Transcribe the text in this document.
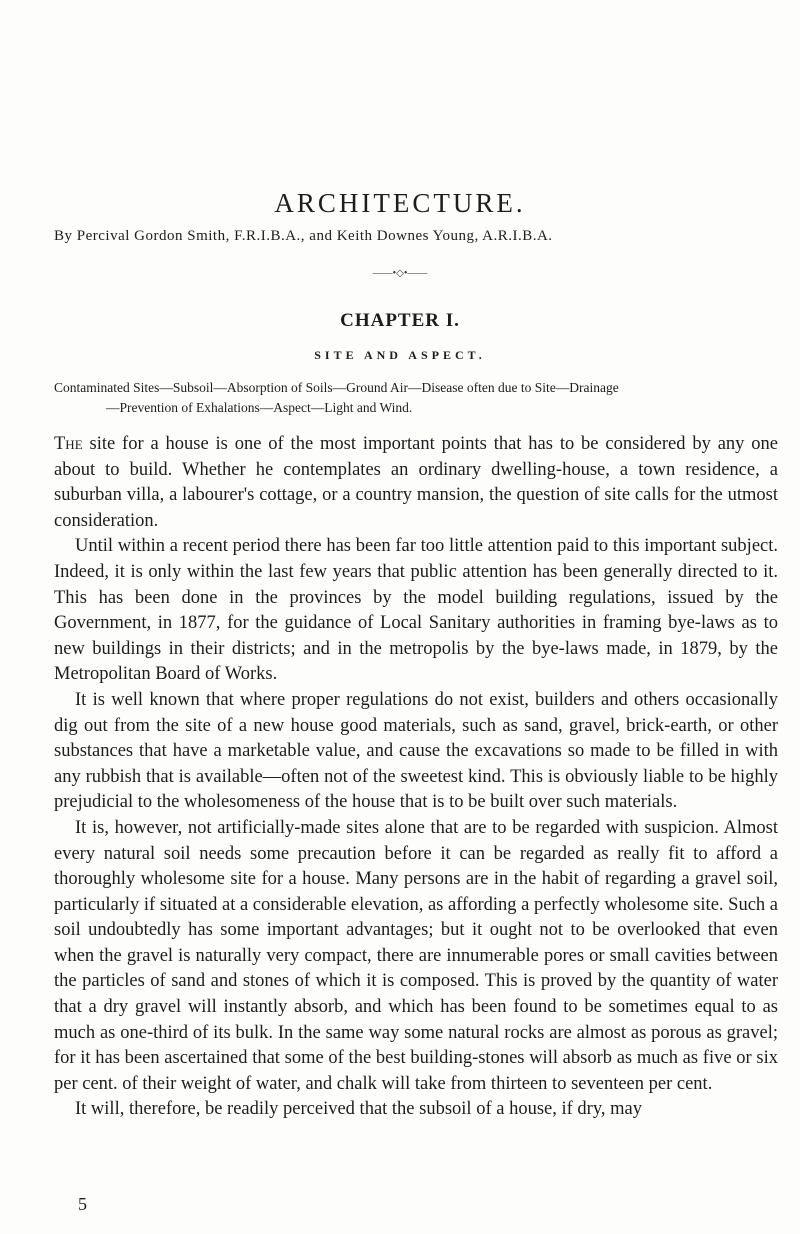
ARCHITECTURE.

By Percival Gordon Smith, F.R.I.B.A., and Keith Downes Young, A.R.I.B.A.

——•◇•——

CHAPTER I.
SITE AND ASPECT.

Contaminated Sites—Subsoil—Absorption of Soils—Ground Air—Disease often due to Site—Drainage
—Prevention of Exhalations—Aspect—Light and Wind.

The site for a house is one of the most important points that has to be considered by any one about to build. Whether he contemplates an ordinary dwelling-house, a town residence, a suburban villa, a labourer's cottage, or a country mansion, the question of site calls for the utmost consideration.

Until within a recent period there has been far too little attention paid to this important subject. Indeed, it is only within the last few years that public attention has been generally directed to it. This has been done in the provinces by the model building regulations, issued by the Government, in 1877, for the guidance of Local Sanitary authorities in framing bye-laws as to new buildings in their districts; and in the metropolis by the bye-laws made, in 1879, by the Metropolitan Board of Works.

It is well known that where proper regulations do not exist, builders and others occasionally dig out from the site of a new house good materials, such as sand, gravel, brick-earth, or other substances that have a marketable value, and cause the excavations so made to be filled in with any rubbish that is available—often not of the sweetest kind. This is obviously liable to be highly prejudicial to the wholesomeness of the house that is to be built over such materials.

It is, however, not artificially-made sites alone that are to be regarded with suspicion. Almost every natural soil needs some precaution before it can be regarded as really fit to afford a thoroughly wholesome site for a house. Many persons are in the habit of regarding a gravel soil, particularly if situated at a considerable elevation, as affording a perfectly wholesome site. Such a soil undoubtedly has some important advantages; but it ought not to be overlooked that even when the gravel is naturally very compact, there are innumerable pores or small cavities between the particles of sand and stones of which it is composed. This is proved by the quantity of water that a dry gravel will instantly absorb, and which has been found to be sometimes equal to as much as one-third of its bulk. In the same way some natural rocks are almost as porous as gravel; for it has been ascertained that some of the best building-stones will absorb as much as five or six per cent. of their weight of water, and chalk will take from thirteen to seventeen per cent.

It will, therefore, be readily perceived that the subsoil of a house, if dry, may

5
